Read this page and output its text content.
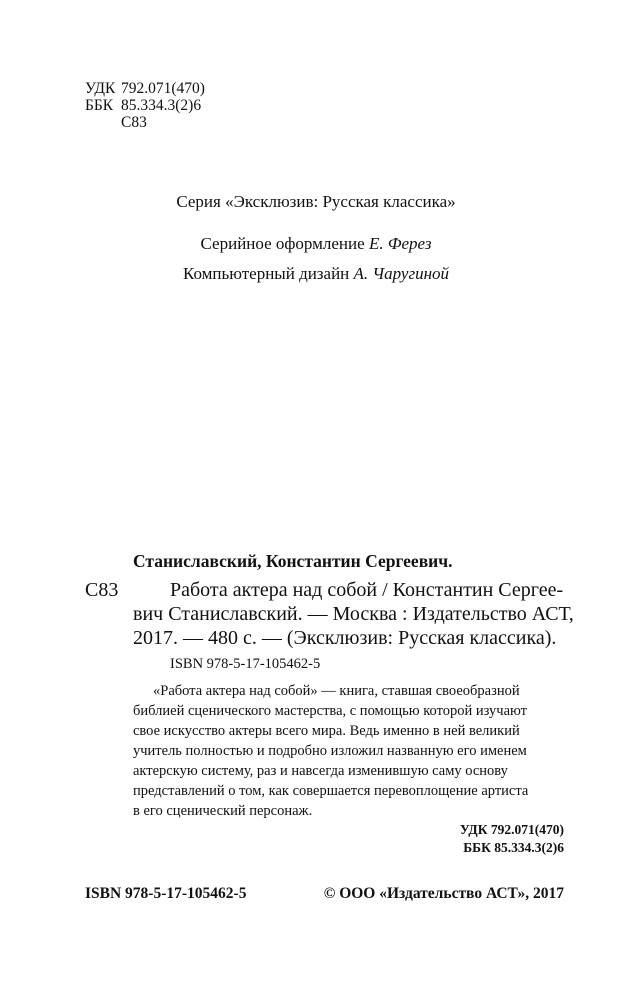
УДК 792.071(470)
ББК 85.334.3(2)6
С83
Серия «Эксклюзив: Русская классика»
Серийное оформление Е. Ферез
Компьютерный дизайн А. Чаругиной
Станиславский, Константин Сергеевич.
С83	Работа актера над собой / Константин Сергее-
вич Станиславский. — Москва : Издательство АСТ,
2017. — 480 с. — (Эксклюзив: Русская классика).
ISBN 978-5-17-105462-5
«Работа актера над собой» — книга, ставшая своеобразной
библией сценического мастерства, с помощью которой изучают
свое искусство актеры всего мира. Ведь именно в ней великий
учитель полностью и подробно изложил названную его именем
актерскую систему, раз и навсегда изменившую саму основу
представлений о том, как совершается перевоплощение артиста
в его сценический персонаж.
УДК 792.071(470)
ББК 85.334.3(2)6
ISBN 978-5-17-105462-5	© ООО «Издательство АСТ», 2017
